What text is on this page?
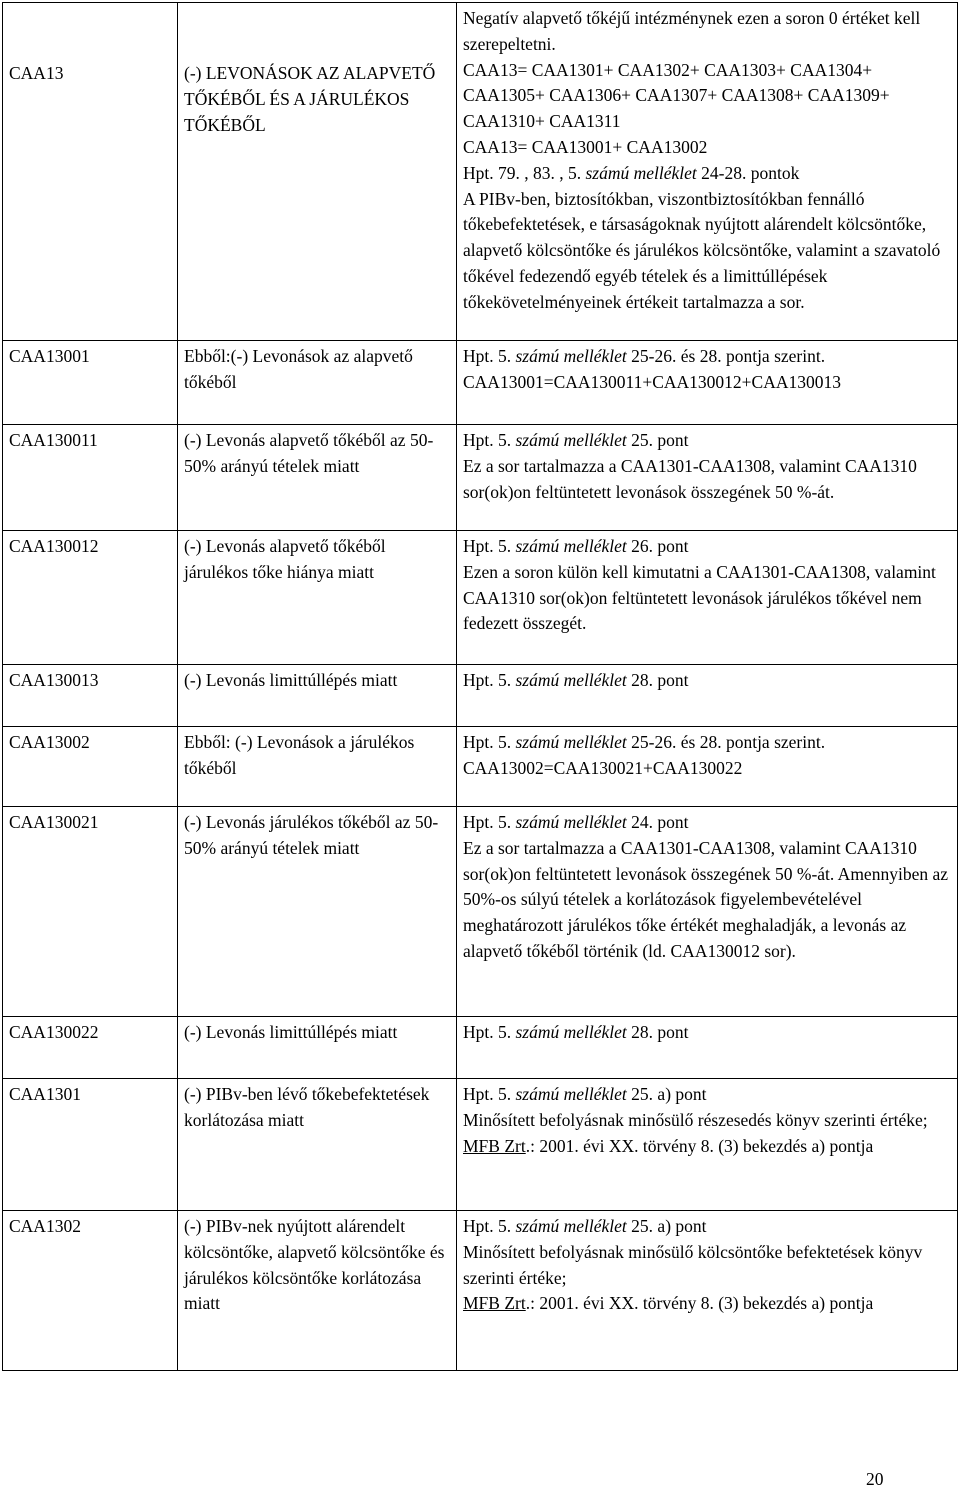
CAA13	(-) LEVONÁSOK AZ ALAPVETŐ TŐKÉBŐL ÉS A JÁRULÉKOS TŐKÉBŐL	Negatív alapvető tőkéjű intézménynek ezen a soron 0 értéket kell szerepeltetni.
CAA13= CAA1301+ CAA1302+ CAA1303+ CAA1304+ CAA1305+ CAA1306+ CAA1307+ CAA1308+ CAA1309+ CAA1310+ CAA1311
CAA13= CAA13001+ CAA13002
Hpt. 79. , 83. , 5. számú melléklet 24-28. pontok
A PIBv-ben, biztosítókban, viszontbiztosítókban fennálló tőkebefektetések, e társaságoknak nyújtott alárendelt kölcsöntőke, alapvető kölcsöntőke és járulékos kölcsöntőke, valamint a szavatoló tőkével fedezendő egyéb tételek és a limittúllépések tőkekövetelményeinek értékeit tartalmazza a sor.

CAA13001	Ebből:(-) Levonások az alapvető tőkéből	Hpt. 5. számú melléklet 25-26. és 28. pontja szerint.
CAA13001=CAA130011+CAA130012+CAA130013

CAA130011	(-) Levonás alapvető tőkéből az 50-50% arányú tételek miatt	Hpt. 5. számú melléklet 25. pont
Ez a sor tartalmazza a CAA1301-CAA1308, valamint CAA1310 sor(ok)on feltüntetett levonások összegének 50 %-át.

CAA130012	(-) Levonás alapvető tőkéből járulékos tőke hiánya miatt	Hpt. 5. számú melléklet 26. pont
Ezen a soron külön kell kimutatni a CAA1301-CAA1308, valamint CAA1310 sor(ok)on feltüntetett levonások járulékos tőkével nem fedezett összegét.

CAA130013	(-) Levonás limittúllépés miatt	Hpt. 5. számú melléklet 28. pont

CAA13002	Ebből: (-) Levonások a járulékos tőkéből	Hpt. 5. számú melléklet 25-26. és 28. pontja szerint.
CAA13002=CAA130021+CAA130022

CAA130021	(-) Levonás járulékos tőkéből az 50-50% arányú tételek miatt	Hpt. 5. számú melléklet 24. pont
Ez a sor tartalmazza a CAA1301-CAA1308, valamint CAA1310 sor(ok)on feltüntetett levonások összegének 50 %-át. Amennyiben az 50%-os súlyú tételek a korlátozások figyelembevételével meghatározott járulékos tőke értékét meghaladják, a levonás az alapvető tőkéből történik (ld. CAA130012 sor).

CAA130022	(-) Levonás limittúllépés miatt	Hpt. 5. számú melléklet 28. pont

CAA1301	(-) PIBv-ben lévő tőkebefektetések korlátozása miatt	Hpt. 5. számú melléklet 25. a) pont
Minősített befolyásnak minősülő részesedés könyv szerinti értéke;
MFB Zrt.: 2001. évi XX. törvény 8. (3) bekezdés a) pontja

CAA1302	(-) PIBv-nek nyújtott alárendelt kölcsöntőke, alapvető kölcsöntőke és járulékos kölcsöntőke korlátozása miatt	Hpt. 5. számú melléklet 25. a) pont
Minősített befolyásnak minősülő kölcsöntőke befektetések könyv szerinti értéke;
MFB Zrt.: 2001. évi XX. törvény 8. (3) bekezdés a) pontja
20
